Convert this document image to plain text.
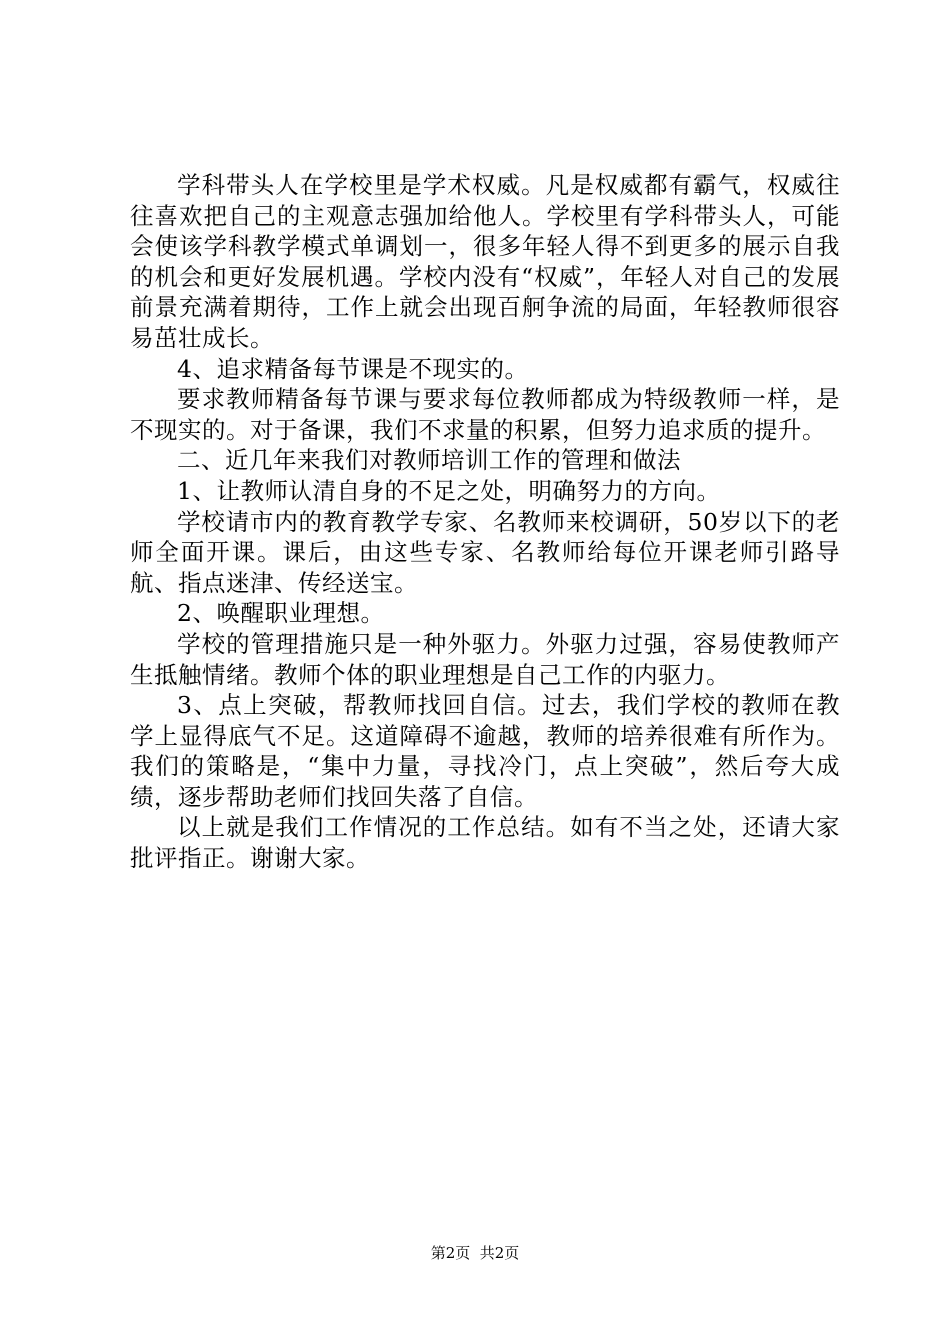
学科带头人在学校里是学术权威。凡是权威都有霸气，权威往往喜欢把自己的主观意志强加给他人。学校里有学科带头人，可能会使该学科教学模式单调划一，很多年轻人得不到更多的展示自我的机会和更好发展机遇。学校内没有“权威”，年轻人对自己的发展前景充满着期待，工作上就会出现百舸争流的局面，年轻教师很容易茁壮成长。

4、追求精备每节课是不现实的。

要求教师精备每节课与要求每位教师都成为特级教师一样，是不现实的。对于备课，我们不求量的积累，但努力追求质的提升。

二、近几年来我们对教师培训工作的管理和做法

1、让教师认清自身的不足之处，明确努力的方向。

学校请市内的教育教学专家、名教师来校调研，50岁以下的老师全面开课。课后，由这些专家、名教师给每位开课老师引路导航、指点迷津、传经送宝。

2、唤醒职业理想。

学校的管理措施只是一种外驱力。外驱力过强，容易使教师产生抵触情绪。教师个体的职业理想是自己工作的内驱力。

3、点上突破，帮教师找回自信。过去，我们学校的教师在教学上显得底气不足。这道障碍不逾越，教师的培养很难有所作为。我们的策略是，“集中力量，寻找冷门，点上突破”，然后夸大成绩，逐步帮助老师们找回失落了自信。

以上就是我们工作情况的工作总结。如有不当之处，还请大家批评指正。谢谢大家。

第2页  共2页
